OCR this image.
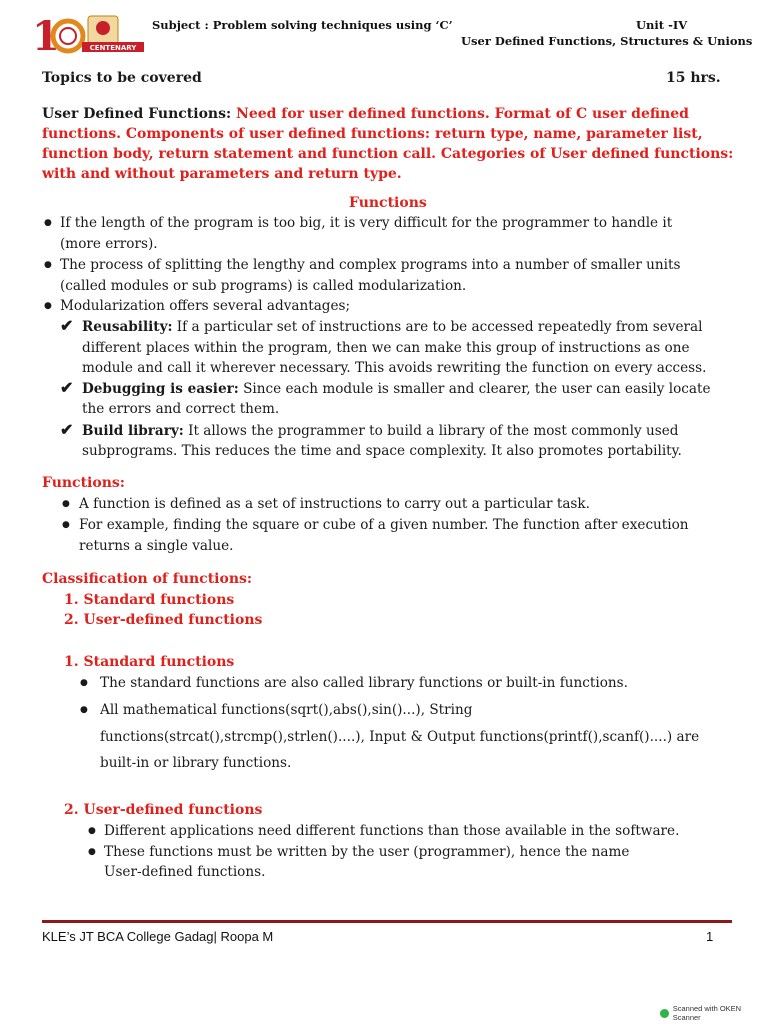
1	CENTENARY
Subject : Problem solving techniques using ‘C’	Unit -IV
User Defined Functions, Structures & Unions
Topics to be covered	15 hrs.
User Defined Functions: Need for user defined functions. Format of C user defined
functions. Components of user defined functions: return type, name, parameter list,
function body, return statement and function call. Categories of User defined functions:
with and without parameters and return type.
Functions
● If the length of the program is too big, it is very difficult for the programmer to handle it
(more errors).
● The process of splitting the lengthy and complex programs into a number of smaller units
(called modules or sub programs) is called modularization.
● Modularization offers several advantages;
✔ Reusability: If a particular set of instructions are to be accessed repeatedly from several
different places within the program, then we can make this group of instructions as one
module and call it wherever necessary. This avoids rewriting the function on every access.
✔ Debugging is easier: Since each module is smaller and clearer, the user can easily locate
the errors and correct them.
✔ Build library: It allows the programmer to build a library of the most commonly used
subprograms. This reduces the time and space complexity. It also promotes portability.
Functions:
● A function is defined as a set of instructions to carry out a particular task.
● For example, finding the square or cube of a given number. The function after execution
returns a single value.
Classification of functions:
1. Standard functions
2. User-defined functions
1. Standard functions
● The standard functions are also called library functions or built-in functions.
● All mathematical functions(sqrt(),abs(),sin()...), String
functions(strcat(),strcmp(),strlen()....), Input & Output functions(printf(),scanf()....) are
built-in or library functions.
2. User-defined functions
● Different applications need different functions than those available in the software.
● These functions must be written by the user (programmer), hence the name
User-defined functions.
KLE’s JT BCA College Gadag| Roopa M	1
Scanned with OKEN Scanner
